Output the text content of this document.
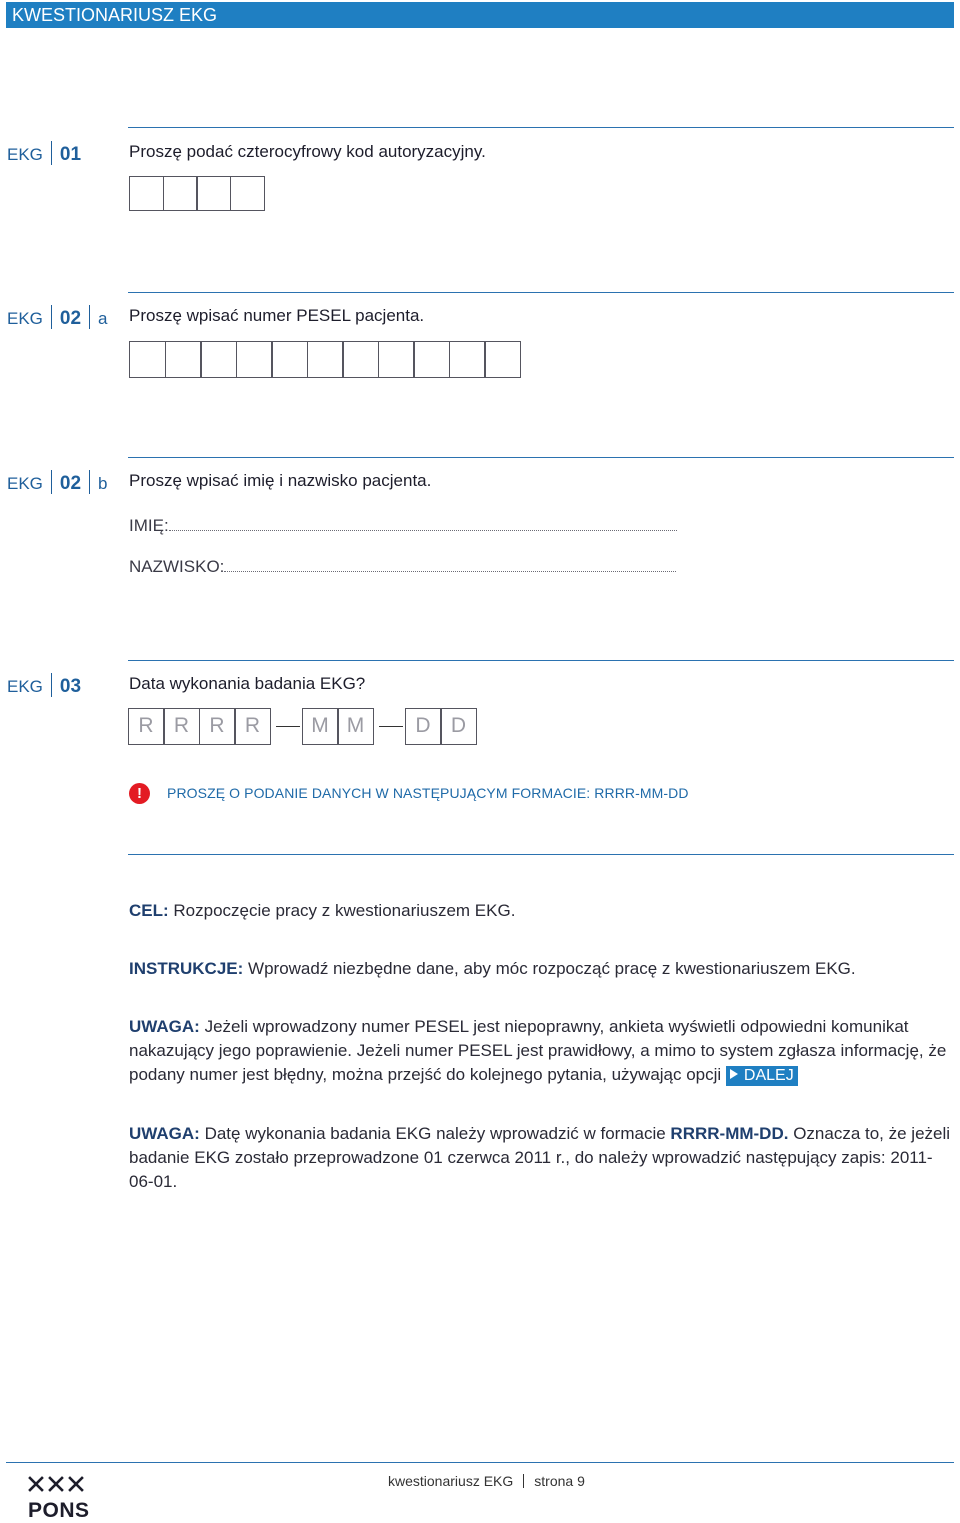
KWESTIONARIUSZ EKG
EKG 01	Proszę podać czterocyfrowy kod autoryzacyjny.
EKG 02 a Proszę wpisać numer PESEL pacjenta.
EKG 02 b Proszę wpisać imię i nazwisko pacjenta.
IMIĘ:
NAZWISKO:
EKG 03	Data wykonania badania EKG?
R R R R	M M	D D
!	PROSZĘ O PODANIE DANYCH W NASTĘPUJĄCYM FORMACIE: RRRR-MM-DD
CEL: Rozpoczęcie pracy z kwestionariuszem EKG.
INSTRUKCJE: Wprowadź niezbędne dane, aby móc rozpocząć pracę z kwestionariuszem EKG.
UWAGA: Jeżeli wprowadzony numer PESEL jest niepoprawny, ankieta wyświetli odpowiedni komunikat nakazujący jego poprawienie. Jeżeli numer PESEL jest prawidłowy, a mimo to system zgłasza informację, że podany numer jest błędny, można przejść do kolejnego pytania, używając opcji DALEJ
UWAGA: Datę wykonania badania EKG należy wprowadzić w formacie RRRR-MM-DD. Oznacza to, że jeżeli badanie EKG zostało przeprowadzone 01 czerwca 2011 r., do należy wprowadzić następujący zapis: 2011-06-01.
PONS
kwestionariusz EKG strona 9
